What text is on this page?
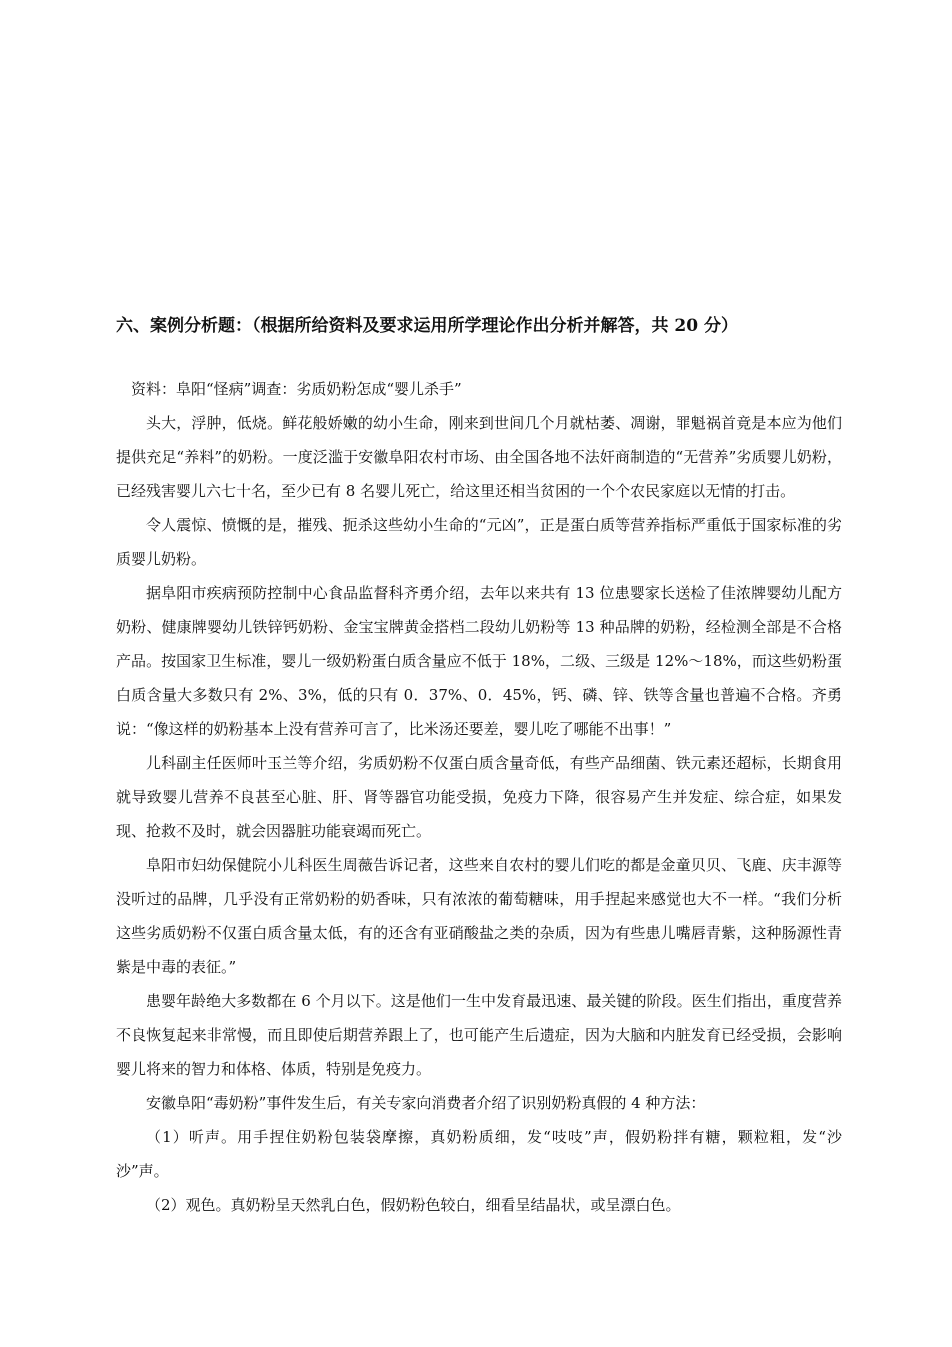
六、案例分析题：（根据所给资料及要求运用所学理论作出分析并解答，共 20 分）

资料：阜阳“怪病”调查：劣质奶粉怎成“婴儿杀手”

头大，浮肿，低烧。鲜花般娇嫩的幼小生命，刚来到世间几个月就枯萎、凋谢，罪魁祸首竟是本应为他们提供充足“养料”的奶粉。一度泛滥于安徽阜阳农村市场、由全国各地不法奸商制造的“无营养”劣质婴儿奶粉，已经残害婴儿六七十名，至少已有 8 名婴儿死亡，给这里还相当贫困的一个个农民家庭以无情的打击。

令人震惊、愤慨的是，摧残、扼杀这些幼小生命的“元凶”，正是蛋白质等营养指标严重低于国家标准的劣质婴儿奶粉。

据阜阳市疾病预防控制中心食品监督科齐勇介绍，去年以来共有 13 位患婴家长送检了佳浓牌婴幼儿配方奶粉、健康牌婴幼儿铁锌钙奶粉、金宝宝牌黄金搭档二段幼儿奶粉等 13 种品牌的奶粉，经检测全部是不合格产品。按国家卫生标准，婴儿一级奶粉蛋白质含量应不低于 18%，二级、三级是 12%～18%，而这些奶粉蛋白质含量大多数只有 2%、3%，低的只有 0．37%、0．45%，钙、磷、锌、铁等含量也普遍不合格。齐勇说：“像这样的奶粉基本上没有营养可言了，比米汤还要差，婴儿吃了哪能不出事！”

儿科副主任医师叶玉兰等介绍，劣质奶粉不仅蛋白质含量奇低，有些产品细菌、铁元素还超标，长期食用就导致婴儿营养不良甚至心脏、肝、肾等器官功能受损，免疫力下降，很容易产生并发症、综合症，如果发现、抢救不及时，就会因器脏功能衰竭而死亡。

阜阳市妇幼保健院小儿科医生周薇告诉记者，这些来自农村的婴儿们吃的都是金童贝贝、飞鹿、庆丰源等没听过的品牌，几乎没有正常奶粉的奶香味，只有浓浓的葡萄糖味，用手捏起来感觉也大不一样。“我们分析这些劣质奶粉不仅蛋白质含量太低，有的还含有亚硝酸盐之类的杂质，因为有些患儿嘴唇青紫，这种肠源性青紫是中毒的表征。”

患婴年龄绝大多数都在 6 个月以下。这是他们一生中发育最迅速、最关键的阶段。医生们指出，重度营养不良恢复起来非常慢，而且即使后期营养跟上了，也可能产生后遗症，因为大脑和内脏发育已经受损，会影响婴儿将来的智力和体格、体质，特别是免疫力。

安徽阜阳“毒奶粉”事件发生后，有关专家向消费者介绍了识别奶粉真假的 4 种方法：

（1）听声。用手捏住奶粉包装袋摩擦，真奶粉质细，发“吱吱”声，假奶粉拌有糖，颗粒粗，发“沙沙”声。

（2）观色。真奶粉呈天然乳白色，假奶粉色较白，细看呈结晶状，或呈漂白色。
